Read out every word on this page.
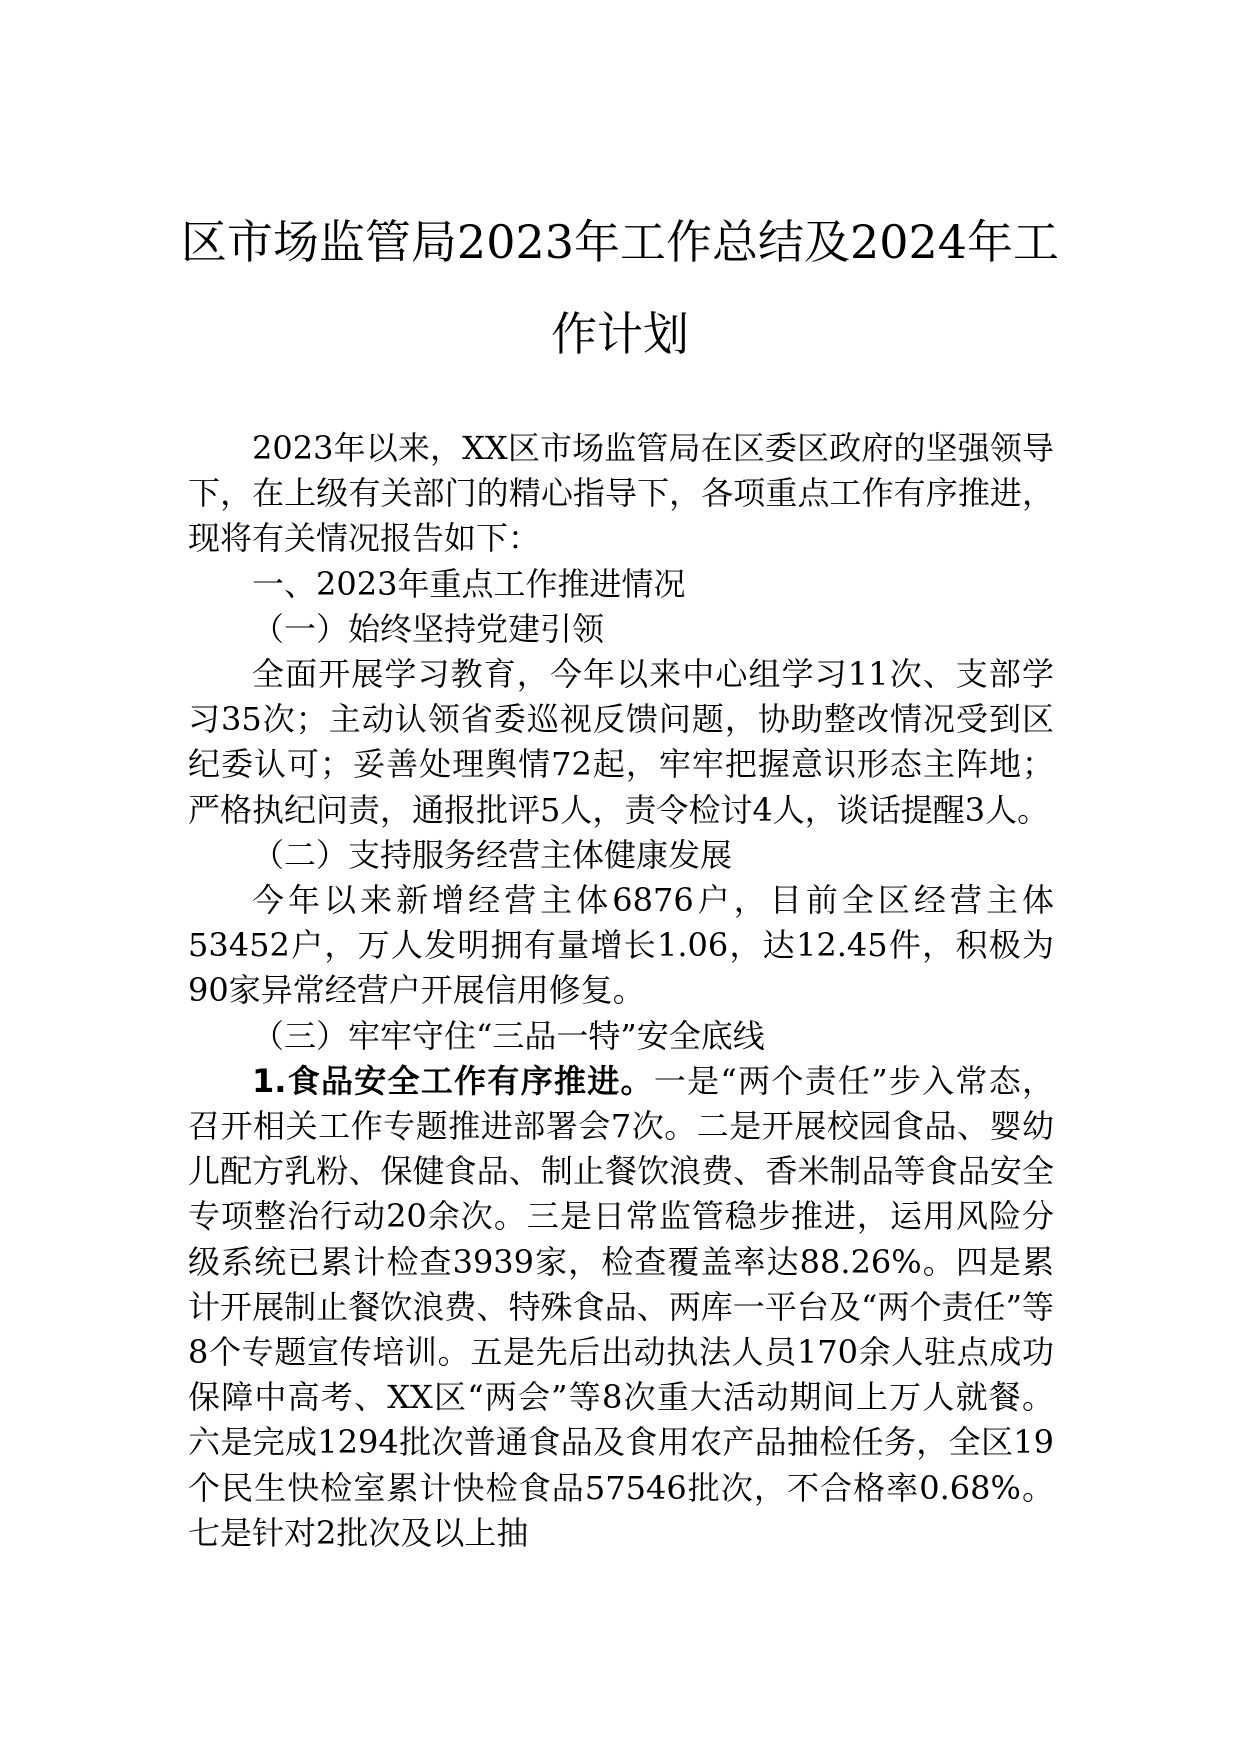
区市场监管局2023年工作总结及2024年工作计划

2023年以来，XX区市场监管局在区委区政府的坚强领导下，在上级有关部门的精心指导下，各项重点工作有序推进，现将有关情况报告如下：

一、2023年重点工作推进情况

（一）始终坚持党建引领

全面开展学习教育，今年以来中心组学习11次、支部学习35次；主动认领省委巡视反馈问题，协助整改情况受到区纪委认可；妥善处理舆情72起，牢牢把握意识形态主阵地；严格执纪问责，通报批评5人，责令检讨4人，谈话提醒3人。

（二）支持服务经营主体健康发展

今年以来新增经营主体6876户，目前全区经营主体53452户，万人发明拥有量增长1.06，达12.45件，积极为90家异常经营户开展信用修复。

（三）牢牢守住“三品一特”安全底线

1.食品安全工作有序推进。一是“两个责任”步入常态，召开相关工作专题推进部署会7次。二是开展校园食品、婴幼儿配方乳粉、保健食品、制止餐饮浪费、香米制品等食品安全专项整治行动20余次。三是日常监管稳步推进，运用风险分级系统已累计检查3939家，检查覆盖率达88.26%。四是累计开展制止餐饮浪费、特殊食品、两库一平台及“两个责任”等8个专题宣传培训。五是先后出动执法人员170余人驻点成功保障中高考、XX区“两会”等8次重大活动期间上万人就餐。六是完成1294批次普通食品及食用农产品抽检任务，全区19个民生快检室累计快检食品57546批次，不合格率0.68%。七是针对2批次及以上抽
